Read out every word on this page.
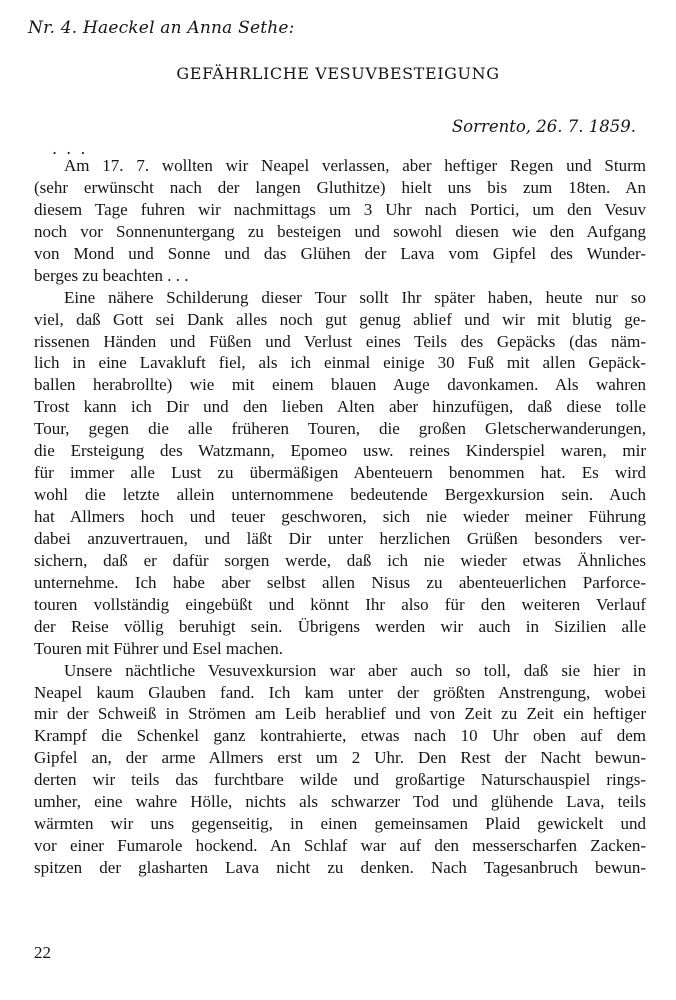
Nr. 4. Haeckel an Anna Sethe:
GEFÄHRLICHE VESUVBESTEIGUNG
Sorrento, 26. 7. 1859.
. . .
Am 17. 7. wollten wir Neapel verlassen, aber heftiger Regen und Sturm
(sehr erwünscht nach der langen Gluthitze) hielt uns bis zum 18ten. An
diesem Tage fuhren wir nachmittags um 3 Uhr nach Portici, um den Vesuv
noch vor Sonnenuntergang zu besteigen und sowohl diesen wie den Aufgang
von Mond und Sonne und das Glühen der Lava vom Gipfel des Wunder-
berges zu beachten . . .
Eine nähere Schilderung dieser Tour sollt Ihr später haben, heute nur so
viel, daß Gott sei Dank alles noch gut genug ablief und wir mit blutig ge-
rissenen Händen und Füßen und Verlust eines Teils des Gepäcks (das näm-
lich in eine Lavakluft fiel, als ich einmal einige 30 Fuß mit allen Gepäck-
ballen herabrollte) wie mit einem blauen Auge davonkamen. Als wahren
Trost kann ich Dir und den lieben Alten aber hinzufügen, daß diese tolle
Tour, gegen die alle früheren Touren, die großen Gletscherwanderungen,
die Ersteigung des Watzmann, Epomeo usw. reines Kinderspiel waren, mir
für immer alle Lust zu übermäßigen Abenteuern benommen hat. Es wird
wohl die letzte allein unternommene bedeutende Bergexkursion sein. Auch
hat Allmers hoch und teuer geschworen, sich nie wieder meiner Führung
dabei anzuvertrauen, und läßt Dir unter herzlichen Grüßen besonders ver-
sichern, daß er dafür sorgen werde, daß ich nie wieder etwas Ähnliches
unternehme. Ich habe aber selbst allen Nisus zu abenteuerlichen Parforce-
touren vollständig eingebüßt und könnt Ihr also für den weiteren Verlauf
der Reise völlig beruhigt sein. Übrigens werden wir auch in Sizilien alle
Touren mit Führer und Esel machen.
Unsere nächtliche Vesuvexkursion war aber auch so toll, daß sie hier in
Neapel kaum Glauben fand. Ich kam unter der größten Anstrengung, wobei
mir der Schweiß in Strömen am Leib herablief und von Zeit zu Zeit ein heftiger
Krampf die Schenkel ganz kontrahierte, etwas nach 10 Uhr oben auf dem
Gipfel an, der arme Allmers erst um 2 Uhr. Den Rest der Nacht bewun-
derten wir teils das furchtbare wilde und großartige Naturschauspiel rings-
umher, eine wahre Hölle, nichts als schwarzer Tod und glühende Lava, teils
wärmten wir uns gegenseitig, in einen gemeinsamen Plaid gewickelt und
vor einer Fumarole hockend. An Schlaf war auf den messerscharfen Zacken-
spitzen der glasharten Lava nicht zu denken. Nach Tagesanbruch bewun-
22
